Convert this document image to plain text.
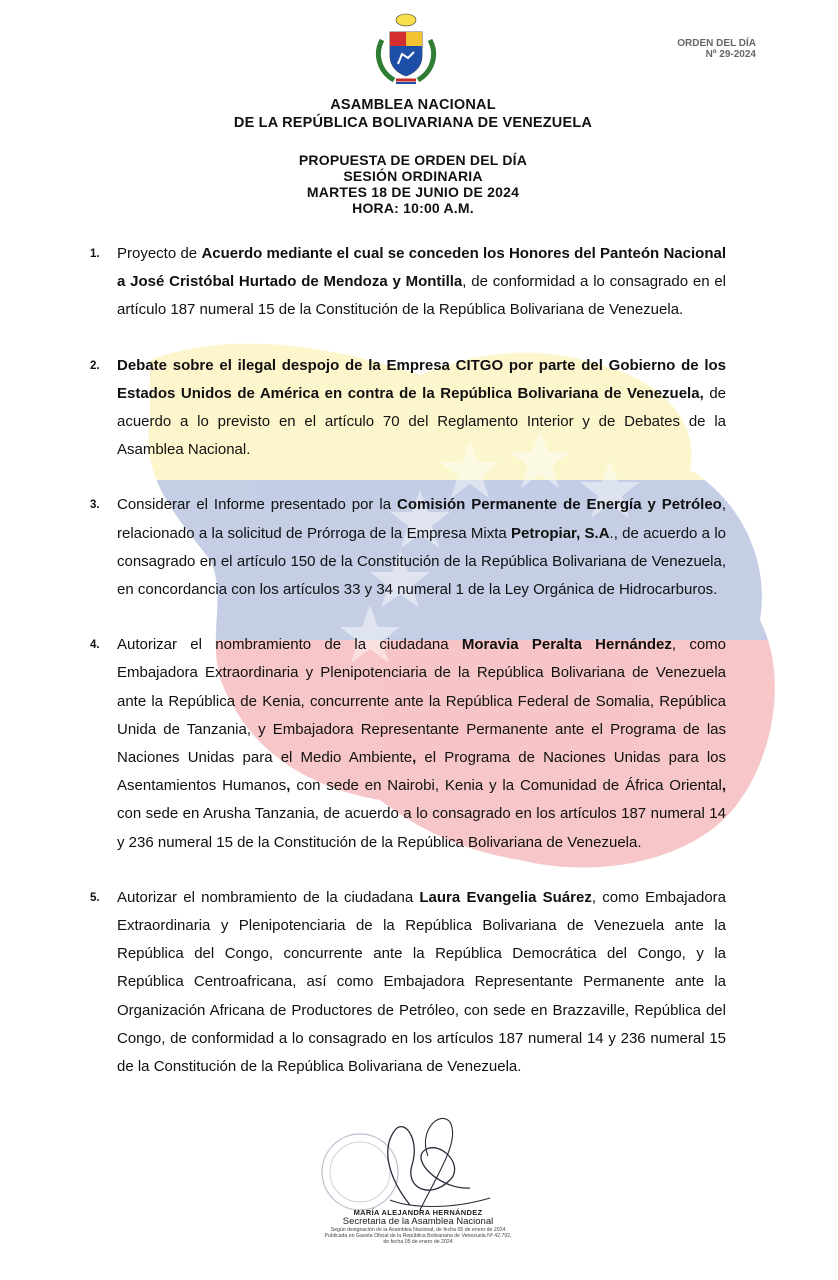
ORDEN DEL DÍA
Nº 29-2024
ASAMBLEA NACIONAL
DE LA REPÚBLICA BOLIVARIANA DE VENEZUELA
PROPUESTA DE ORDEN DEL DÍA
SESIÓN ORDINARIA
MARTES 18 DE JUNIO DE 2024
HORA: 10:00 A.M.
1. Proyecto de Acuerdo mediante el cual se conceden los Honores del Panteón Nacional a José Cristóbal Hurtado de Mendoza y Montilla, de conformidad a lo consagrado en el artículo 187 numeral 15 de la Constitución de la República Bolivariana de Venezuela.
2. Debate sobre el ilegal despojo de la Empresa CITGO por parte del Gobierno de los Estados Unidos de América en contra de la República Bolivariana de Venezuela, de acuerdo a lo previsto en el artículo 70 del Reglamento Interior y de Debates de la Asamblea Nacional.
3. Considerar el Informe presentado por la Comisión Permanente de Energía y Petróleo, relacionado a la solicitud de Prórroga de la Empresa Mixta Petropiar, S.A., de acuerdo a lo consagrado en el artículo 150 de la Constitución de la República Bolivariana de Venezuela, en concordancia con los artículos 33 y 34 numeral 1 de la Ley Orgánica de Hidrocarburos.
4. Autorizar el nombramiento de la ciudadana Moravia Peralta Hernández, como Embajadora Extraordinaria y Plenipotenciaria de la República Bolivariana de Venezuela ante la República de Kenia, concurrente ante la República Federal de Somalia, República Unida de Tanzania, y Embajadora Representante Permanente ante el Programa de las Naciones Unidas para el Medio Ambiente, el Programa de Naciones Unidas para los Asentamientos Humanos, con sede en Nairobi, Kenia y la Comunidad de África Oriental, con sede en Arusha Tanzania, de acuerdo a lo consagrado en los artículos 187 numeral 14 y 236 numeral 15 de la Constitución de la República Bolivariana de Venezuela.
5. Autorizar el nombramiento de la ciudadana Laura Evangelia Suárez, como Embajadora Extraordinaria y Plenipotenciaria de la República Bolivariana de Venezuela ante la República del Congo, concurrente ante la República Democrática del Congo, y la República Centroafricana, así como Embajadora Representante Permanente ante la Organización Africana de Productores de Petróleo, con sede en Brazzaville, República del Congo, de conformidad a lo consagrado en los artículos 187 numeral 14 y 236 numeral 15 de la Constitución de la República Bolivariana de Venezuela.
MARÍA ALEJANDRA HERNÁNDEZ
Secretaria de la Asamblea Nacional
Según designación de la Asamblea Nacional, de fecha 05 de enero de 2024
Publicada en Gaceta Oficial de la República Bolivariana de Venezuela Nº 42.792,
de fecha 05 de enero de 2024
